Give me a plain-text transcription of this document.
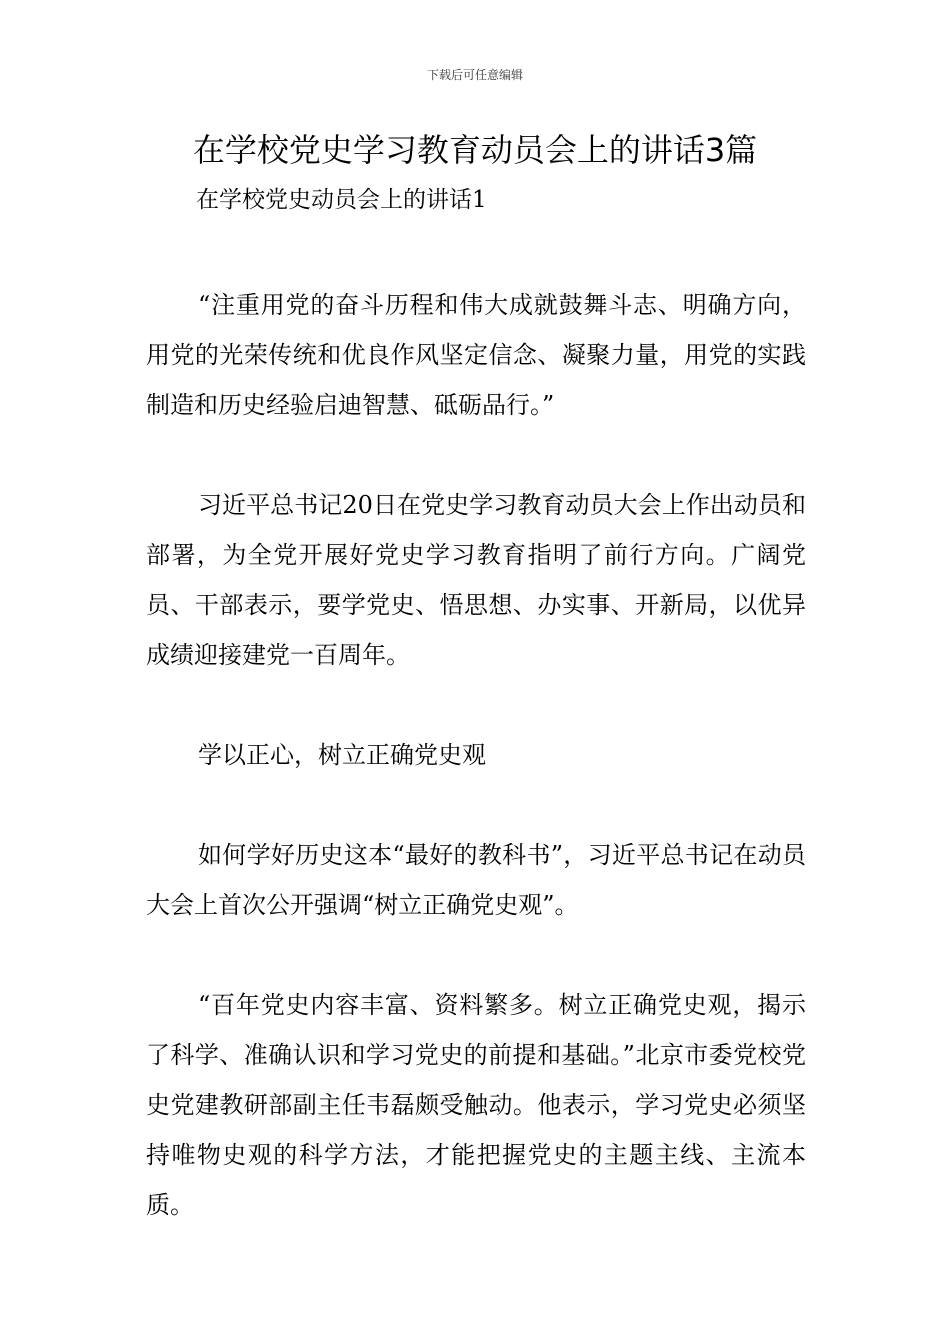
下载后可任意编辑
在学校党史学习教育动员会上的讲话3篇

在学校党史动员会上的讲话1

“注重用党的奋斗历程和伟大成就鼓舞斗志、明确方向，用党的光荣传统和优良作风坚定信念、凝聚力量，用党的实践制造和历史经验启迪智慧、砥砺品行。”

习近平总书记20日在党史学习教育动员大会上作出动员和部署，为全党开展好党史学习教育指明了前行方向。广阔党员、干部表示，要学党史、悟思想、办实事、开新局，以优异成绩迎接建党一百周年。

学以正心，树立正确党史观

如何学好历史这本“最好的教科书”，习近平总书记在动员大会上首次公开强调“树立正确党史观”。

“百年党史内容丰富、资料繁多。树立正确党史观，揭示了科学、准确认识和学习党史的前提和基础。”北京市委党校党史党建教研部副主任韦磊颇受触动。他表示，学习党史必须坚持唯物史观的科学方法，才能把握党史的主题主线、主流本质。
